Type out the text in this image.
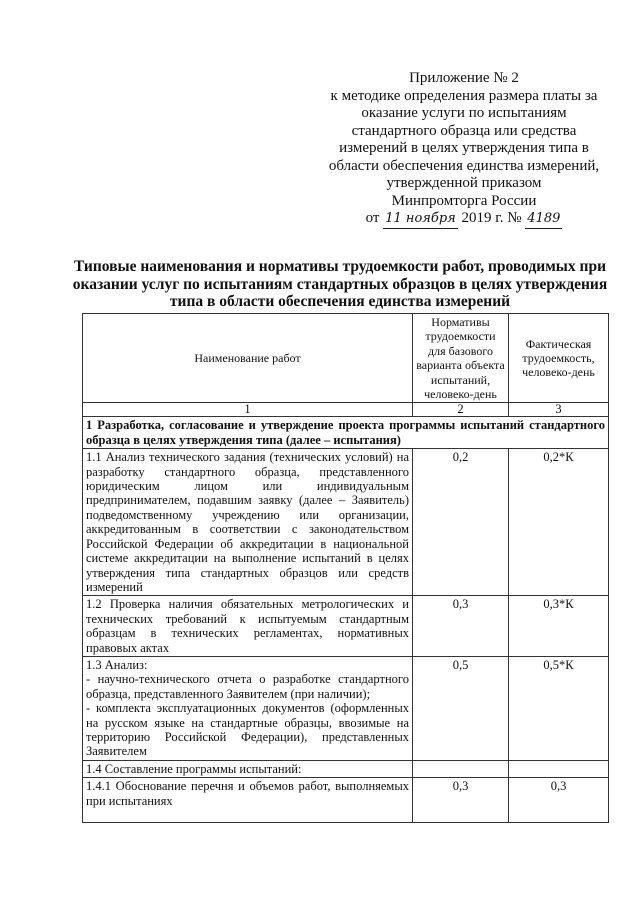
Приложение № 2
к методике определения размера платы за
оказание услуги по испытаниям
стандартного образца или средства
измерений в целях утверждения типа в
области обеспечения единства измерений,
утвержденной приказом
Минпромторга России
от 11 ноября 2019 г. № 4189
Типовые наименования и нормативы трудоемкости работ, проводимых при оказании услуг по испытаниям стандартных образцов в целях утверждения типа в области обеспечения единства измерений
Наименование работ	Нормативы трудоемкости для базового варианта объекта испытаний, человеко-день	Фактическая трудоемкость, человеко-день
1	2	3
1 Разработка, согласование и утверждение проекта программы испытаний стандартного образца в целях утверждения типа (далее – испытания)		
1.1 Анализ технического задания (технических условий) на разработку стандартного образца, представленного юридическим лицом или индивидуальным предпринимателем, подавшим заявку (далее – Заявитель) подведомственному учреждению или организации, аккредитованным в соответствии с законодательством Российской Федерации об аккредитации в национальной системе аккредитации на выполнение испытаний в целях утверждения типа стандартных образцов или средств измерений	0,2	0,2*К
1.2 Проверка наличия обязательных метрологических и технических требований к испытуемым стандартным образцам в технических регламентах, нормативных правовых актах	0,3	0,3*К

1.3 Анализ:
- научно-технического отчета о разработке стандартного образца, представленного Заявителем (при наличии);
- комплекта эксплуатационных документов (оформленных на русском языке на стандартные образцы, ввозимые на территорию Российской Федерации), представленных Заявителем	0,5	0,5*К
1.4 Составление программы испытаний:		
1.4.1 Обоснование перечня и объемов работ, выполняемых при испытаниях	0,3	0,3
